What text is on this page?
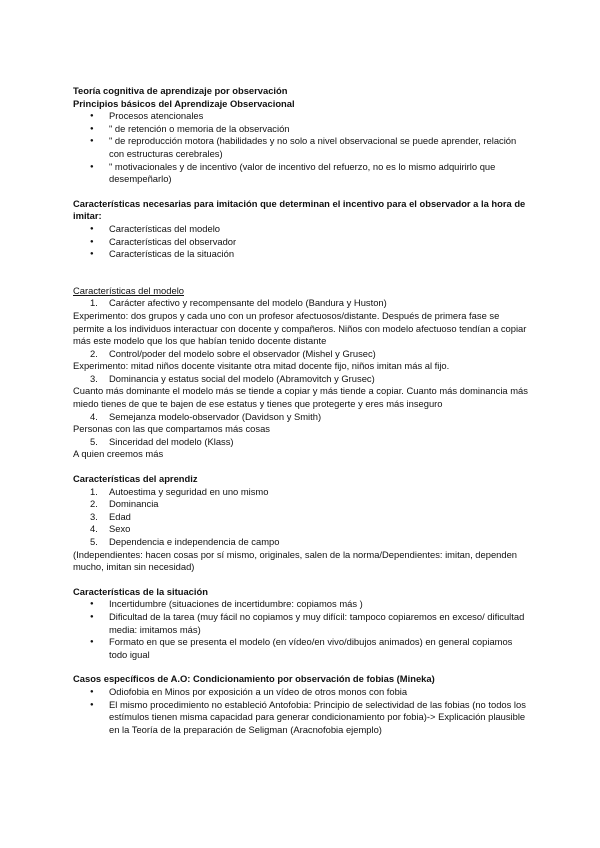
Teoría cognitiva de aprendizaje por observación
Principios básicos del Aprendizaje Observacional
● Procesos atencionales
● " de retención o memoria de la observación
● " de reproducción motora (habilidades y no solo a nivel observacional se puede aprender, relación con estructuras cerebrales)
● " motivacionales y de incentivo (valor de incentivo del refuerzo, no es lo mismo adquirirlo que desempeñarlo)
Características necesarias para imitación que determinan el incentivo para el observador a la hora de imitar:
● Características del modelo
● Características del observador
● Características de la situación
Características del modelo
1. Carácter afectivo y recompensante del modelo (Bandura y Huston)
Experimento: dos grupos y cada uno con un profesor afectuosos/distante. Después de primera fase se permite a los individuos interactuar con docente y compañeros. Niños con modelo afectuoso tendían a copiar más este modelo que los que habían tenido docente distante
2. Control/poder del modelo sobre el observador (Mishel y Grusec)
Experimento: mitad niños docente visitante otra mitad docente fijo, niños imitan más al fijo.
3. Dominancia y estatus social del modelo (Abramovitch y Grusec)
Cuanto más dominante el modelo más se tiende a copiar y más tiende a copiar. Cuanto más dominancia más miedo tienes de que te bajen de ese estatus y tienes que protegerte y eres más inseguro
4. Semejanza modelo-observador (Davidson y Smith)
Personas con las que compartamos más cosas
5. Sinceridad del modelo (Klass)
A quien creemos más
Características del aprendiz
1. Autoestima y seguridad en uno mismo
2. Dominancia
3. Edad
4. Sexo
5. Dependencia e independencia de campo
(Independientes: hacen cosas por sí mismo, originales, salen de la norma/Dependientes: imitan, dependen mucho, imitan sin necesidad)
Características de la situación
● Incertidumbre (situaciones de incertidumbre: copiamos más )
● Dificultad de la tarea (muy fácil no copiamos y muy difícil: tampoco copiaremos en exceso/ dificultad media: imitamos más)
● Formato en que se presenta el modelo (en vídeo/en vivo/dibujos animados) en general copiamos todo igual
Casos específicos de A.O: Condicionamiento por observación de fobias (Mineka)
● Odiofobia en Minos por exposición a un vídeo de otros monos con fobia
● El mismo procedimiento no estableció Antofobia: Principio de selectividad de las fobias (no todos los estímulos tienen misma capacidad para generar condicionamiento por fobia)-> Explicación plausible en la Teoría de la preparación de Seligman (Aracnofobia ejemplo)
